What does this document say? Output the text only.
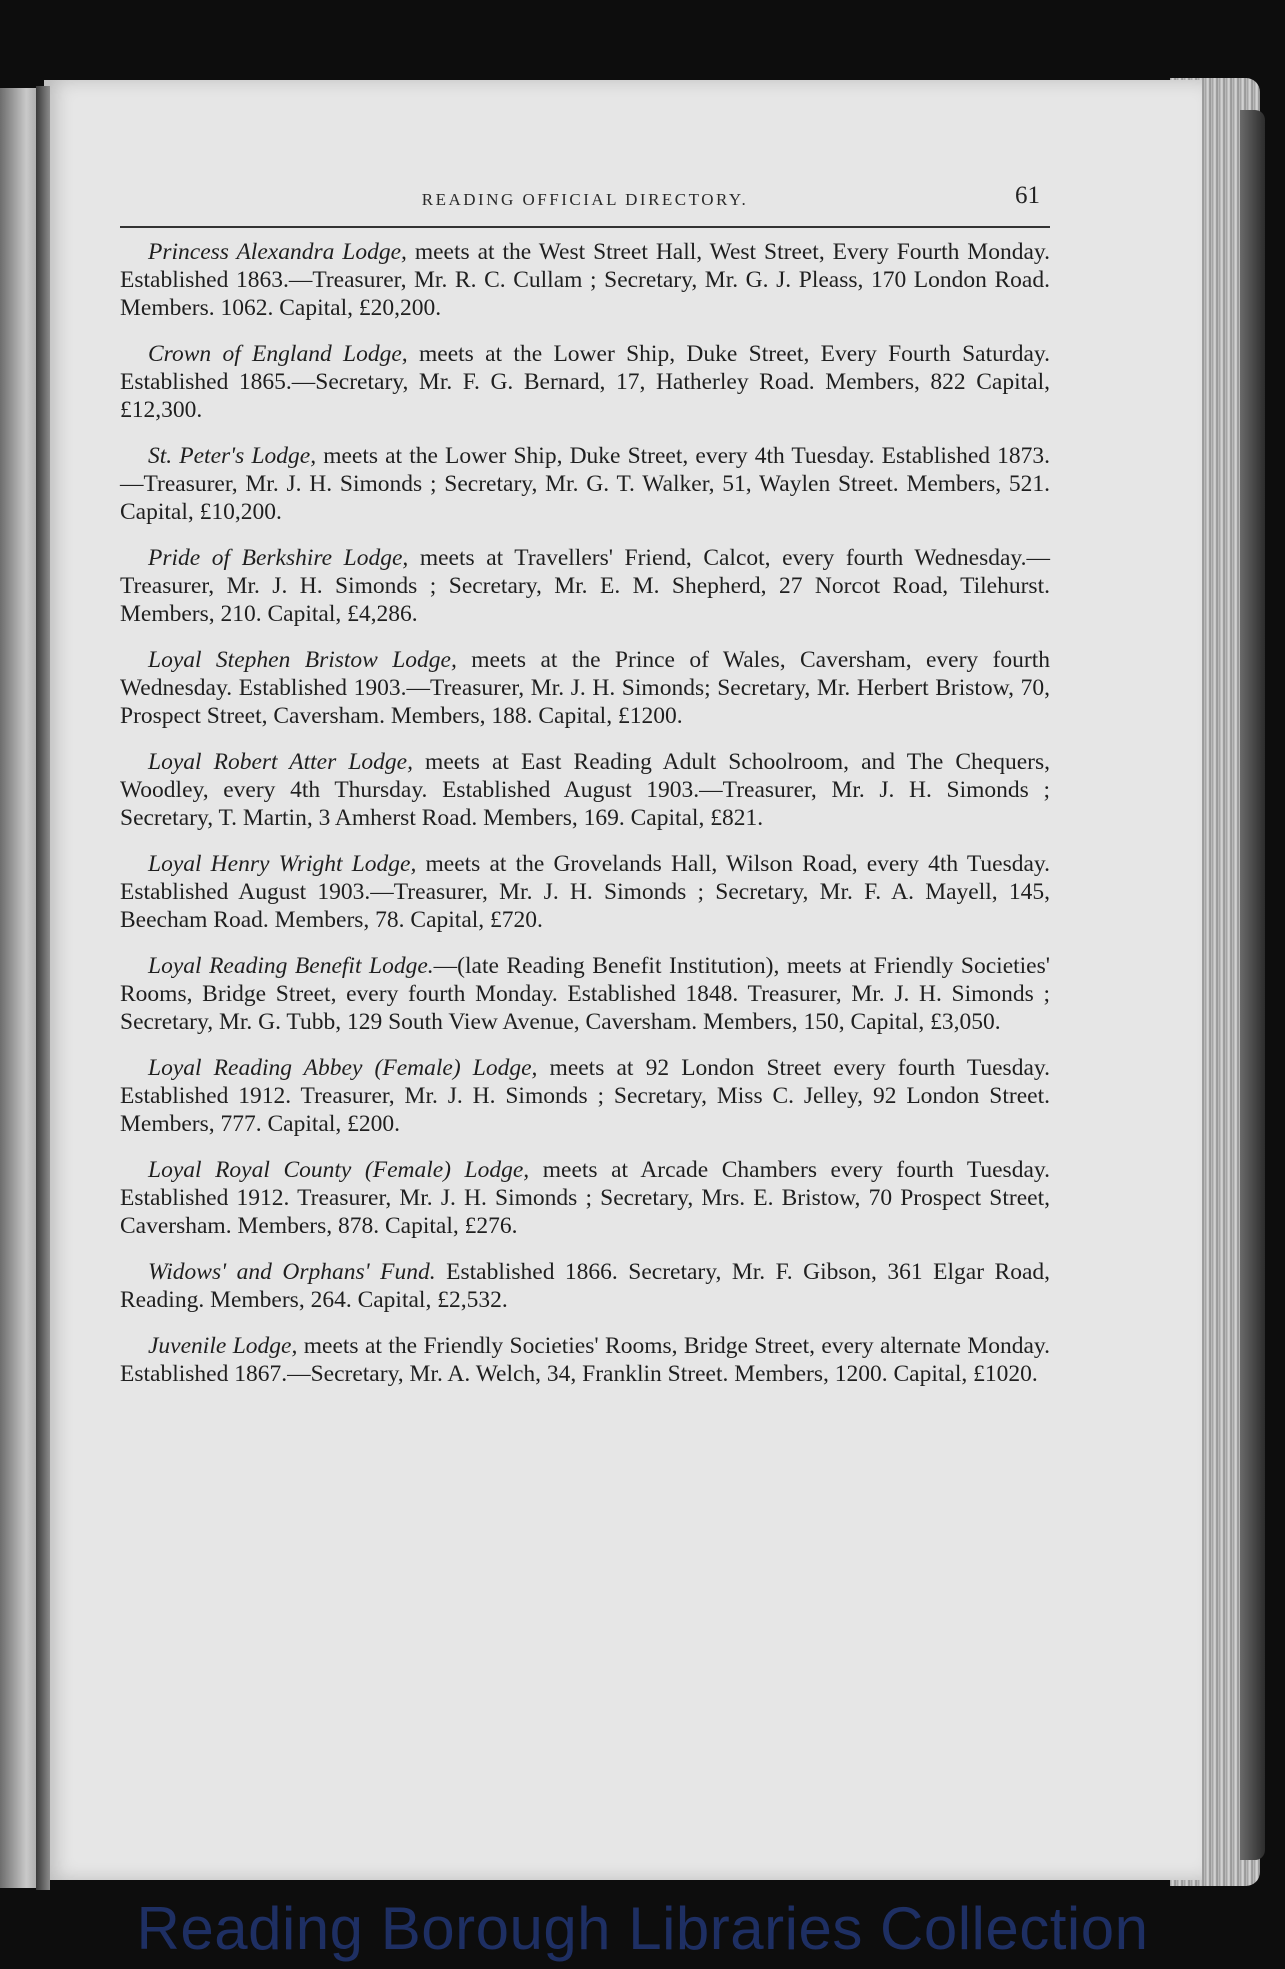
READING OFFICIAL DIRECTORY.	61

Princess Alexandra Lodge, meets at the West Street Hall, West Street, Every Fourth Monday. Established 1863.—Treasurer, Mr. R. C. Cullam ; Secretary, Mr. G. J. Pleass, 170 London Road. Members. 1062. Capital, £20,200.

Crown of England Lodge, meets at the Lower Ship, Duke Street, Every Fourth Saturday. Established 1865.—Secretary, Mr. F. G. Bernard, 17, Hatherley Road. Members, 822 Capital, £12,300.

St. Peter's Lodge, meets at the Lower Ship, Duke Street, every 4th Tuesday. Established 1873.—Treasurer, Mr. J. H. Simonds ; Secretary, Mr. G. T. Walker, 51, Waylen Street. Members, 521. Capital, £10,200.

Pride of Berkshire Lodge, meets at Travellers' Friend, Calcot, every fourth Wednesday.—Treasurer, Mr. J. H. Simonds ; Secretary, Mr. E. M. Shepherd, 27 Norcot Road, Tilehurst. Members, 210. Capital, £4,286.

Loyal Stephen Bristow Lodge, meets at the Prince of Wales, Caversham, every fourth Wednesday. Established 1903.—Treasurer, Mr. J. H. Simonds; Secretary, Mr. Herbert Bristow, 70, Prospect Street, Caversham. Members, 188. Capital, £1200.

Loyal Robert Atter Lodge, meets at East Reading Adult Schoolroom, and The Chequers, Woodley, every 4th Thursday. Established August 1903.—Treasurer, Mr. J. H. Simonds ; Secretary, T. Martin, 3 Amherst Road. Members, 169. Capital, £821.

Loyal Henry Wright Lodge, meets at the Grovelands Hall, Wilson Road, every 4th Tuesday. Established August 1903.—Treasurer, Mr. J. H. Simonds ; Secretary, Mr. F. A. Mayell, 145, Beecham Road. Members, 78. Capital, £720.

Loyal Reading Benefit Lodge.—(late Reading Benefit Institution), meets at Friendly Societies' Rooms, Bridge Street, every fourth Monday. Established 1848. Treasurer, Mr. J. H. Simonds ; Secretary, Mr. G. Tubb, 129 South View Avenue, Caversham. Members, 150, Capital, £3,050.

Loyal Reading Abbey (Female) Lodge, meets at 92 London Street every fourth Tuesday. Established 1912. Treasurer, Mr. J. H. Simonds ; Secretary, Miss C. Jelley, 92 London Street. Members, 777. Capital, £200.

Loyal Royal County (Female) Lodge, meets at Arcade Chambers every fourth Tuesday. Established 1912. Treasurer, Mr. J. H. Simonds ; Secretary, Mrs. E. Bristow, 70 Prospect Street, Caversham. Members, 878. Capital, £276.

Widows' and Orphans' Fund. Established 1866. Secretary, Mr. F. Gibson, 361 Elgar Road, Reading. Members, 264. Capital, £2,532.

Juvenile Lodge, meets at the Friendly Societies' Rooms, Bridge Street, every alternate Monday. Established 1867.—Secretary, Mr. A. Welch, 34, Franklin Street. Members, 1200. Capital, £1020.

Reading Borough Libraries Collection
